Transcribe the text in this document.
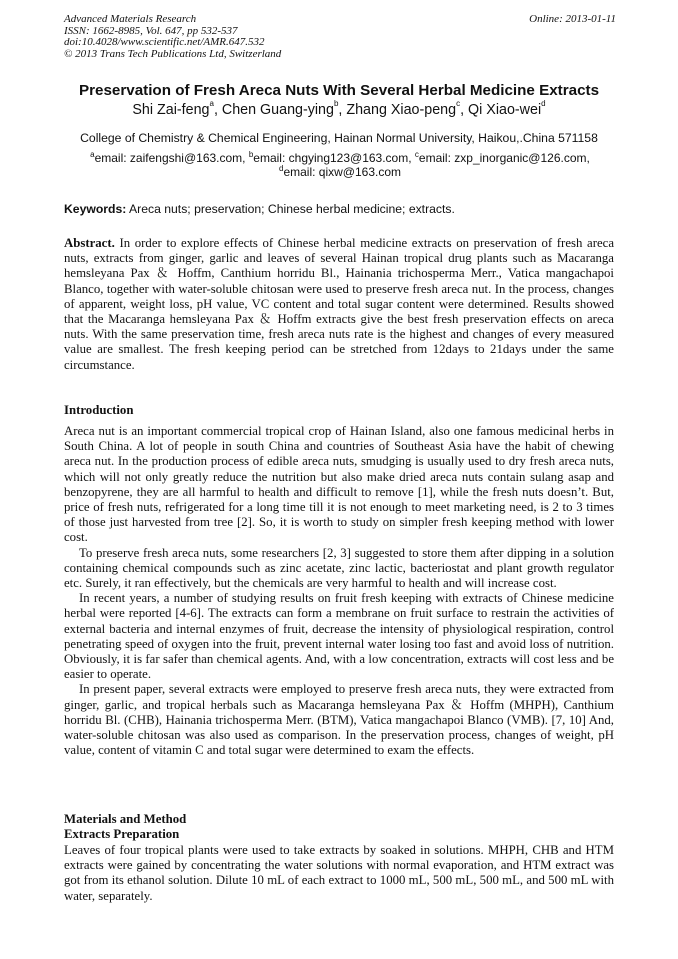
Advanced Materials Research
ISSN: 1662-8985, Vol. 647, pp 532-537
doi:10.4028/www.scientific.net/AMR.647.532
© 2013 Trans Tech Publications Ltd, Switzerland
Online: 2013-01-11
Preservation of Fresh Areca Nuts With Several Herbal Medicine Extracts
Shi Zai-feng$^a$, Chen Guang-ying$^b$, Zhang Xiao-peng$^c$, Qi Xiao-wei$^d$
College of Chemistry & Chemical Engineering, Hainan Normal University, Haikou,.China 571158
$^a$email: zaifengshi@163.com, $^b$email: chgying123@163.com, $^c$email: zxp_inorganic@126.com,
$^d$email: qixw@163.com
Keywords: Areca nuts; preservation; Chinese herbal medicine; extracts.

Abstract. In order to explore effects of Chinese herbal medicine extracts on preservation of fresh areca nuts, extracts from ginger, garlic and leaves of several Hainan tropical drug plants such as Macaranga hemsleyana Pax ＆ Hoffm, Canthium horridu Bl., Hainania trichosperma Merr., Vatica mangachapoi Blanco, together with water-soluble chitosan were used to preserve fresh areca nut. In the process, changes of apparent, weight loss, pH value, VC content and total sugar content were determined. Results showed that the Macaranga hemsleyana Pax ＆ Hoffm extracts give the best fresh preservation effects on areca nuts. With the same preservation time, fresh areca nuts rate is the highest and changes of every measured value are smallest. The fresh keeping period can be stretched from 12days to 21days under the same circumstance.

Introduction

Areca nut is an important commercial tropical crop of Hainan Island, also one famous medicinal herbs in South China. A lot of people in south China and countries of Southeast Asia have the habit of chewing areca nut. In the production process of edible areca nuts, smudging is usually used to dry fresh areca nuts, which will not only greatly reduce the nutrition but also make dried areca nuts contain sulang asap and benzopyrene, they are all harmful to health and difficult to remove [1], while the fresh nuts doesn’t. But, price of fresh nuts, refrigerated for a long time till it is not enough to meet marketing need, is 2 to 3 times of those just harvested from tree [2]. So, it is worth to study on simpler fresh keeping method with lower cost.

To preserve fresh areca nuts, some researchers [2, 3] suggested to store them after dipping in a solution containing chemical compounds such as zinc acetate, zinc lactic, bacteriostat and plant growth regulator etc. Surely, it ran effectively, but the chemicals are very harmful to health and will increase cost.

In recent years, a number of studying results on fruit fresh keeping with extracts of Chinese medicine herbal were reported [4-6]. The extracts can form a membrane on fruit surface to restrain the activities of external bacteria and internal enzymes of fruit, decrease the intensity of physiological respiration, control penetrating speed of oxygen into the fruit, prevent internal water losing too fast and avoid loss of nutrition. Obviously, it is far safer than chemical agents. And, with a low concentration, extracts will cost less and be easier to operate.

In present paper, several extracts were employed to preserve fresh areca nuts, they were extracted from ginger, garlic, and tropical herbals such as Macaranga hemsleyana Pax ＆ Hoffm (MHPH), Canthium horridu Bl. (CHB), Hainania trichosperma Merr. (BTM), Vatica mangachapoi Blanco (VMB). [7, 10] And, water-soluble chitosan was also used as comparison. In the preservation process, changes of weight, pH value, content of vitamin C and total sugar were determined to exam the effects.

Materials and Method
Extracts Preparation

Leaves of four tropical plants were used to take extracts by soaked in solutions. MHPH, CHB and HTM extracts were gained by concentrating the water solutions with normal evaporation, and HTM extract was got from its ethanol solution. Dilute 10 mL of each extract to 1000 mL, 500 mL, 500 mL, and 500 mL with water, separately.
